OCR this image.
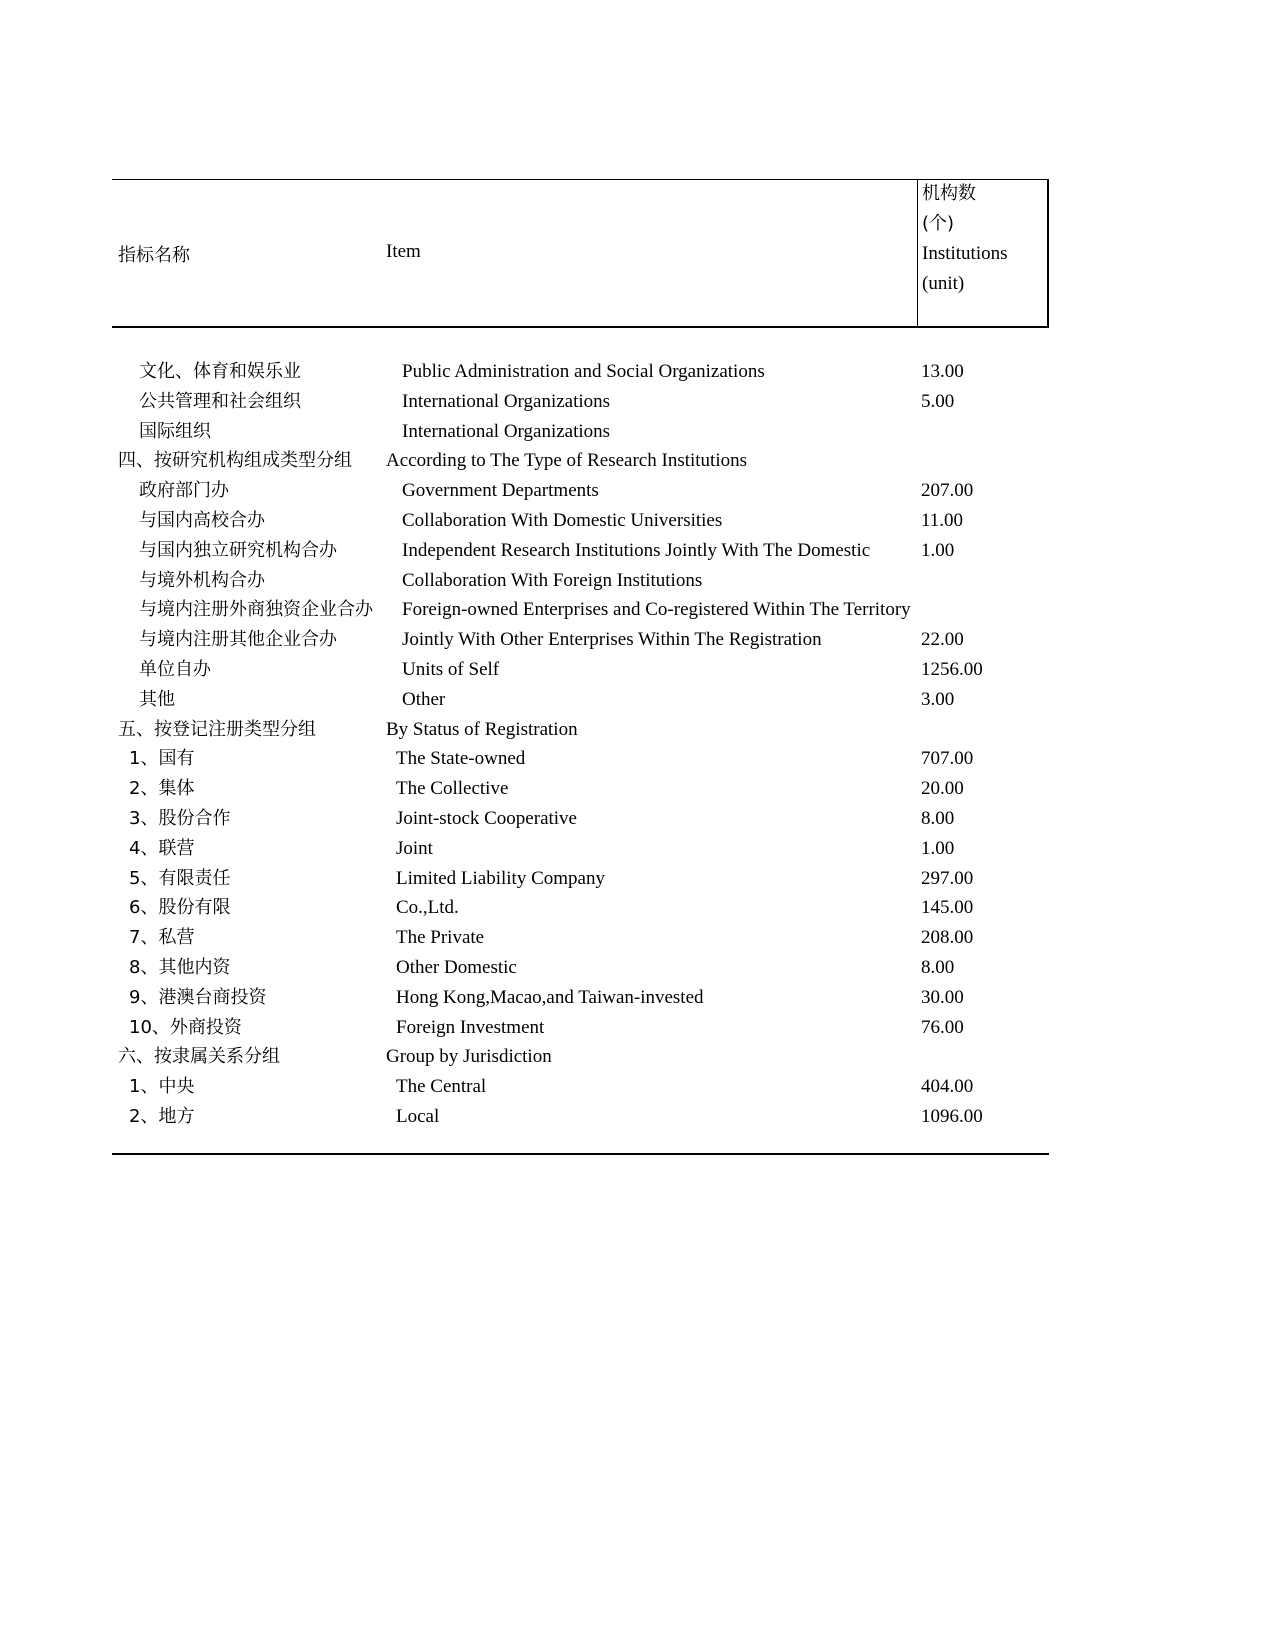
指标名称	Item
机构数
(个)
Institutions
(unit)
文化、体育和娱乐业	Public Administration and Social Organizations	13.00
公共管理和社会组织	International Organizations	5.00
国际组织	International Organizations
四、按研究机构组成类型分组	According to The Type of Research Institutions
政府部门办	Government Departments	207.00
与国内高校合办	Collaboration With Domestic Universities	11.00
与国内独立研究机构合办	Independent Research Institutions Jointly With The Domestic	1.00
与境外机构合办	Collaboration With Foreign Institutions
与境内注册外商独资企业合办	Foreign-owned Enterprises and Co-registered Within The Territory
与境内注册其他企业合办	Jointly With Other Enterprises Within The Registration	22.00
单位自办	Units of Self	1256.00
其他	Other	3.00
五、按登记注册类型分组	By Status of Registration
1、国有	The State-owned	707.00
2、集体	The Collective	20.00
3、股份合作	Joint-stock Cooperative	8.00
4、联营	Joint	1.00
5、有限责任	Limited Liability Company	297.00
6、股份有限	Co.,Ltd.	145.00
7、私营	The Private	208.00
8、其他内资	Other Domestic	8.00
9、港澳台商投资	Hong Kong,Macao,and Taiwan-invested	30.00
10、外商投资	Foreign Investment	76.00
六、按隶属关系分组	Group by Jurisdiction
1、中央	The Central	404.00
2、地方	Local	1096.00
